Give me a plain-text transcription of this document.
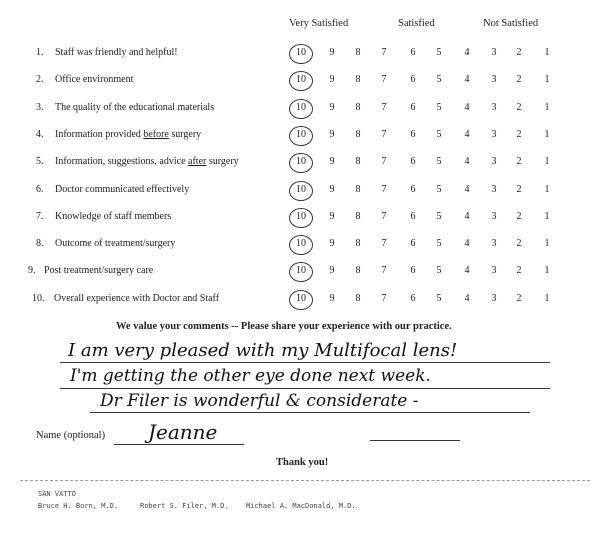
Very Satisfied	Satisfied	Not Satisfied
1. Staff was friendly and helpful!	10	9	8	7	6	5	4	3	2	1
2. Office environment	10	9	8	7	6	5	4	3	2	1
3. The quality of the educational materials	10	9	8	7	6	5	4	3	2	1
4. Information provided before surgery	10	9	8	7	6	5	4	3	2	1
5. Information, suggestions, advice after surgery	10	9	8	7	6	5	4	3	2	1
6. Doctor communicated effectively	10	9	8	7	6	5	4	3	2	1
7. Knowledge of staff members	10	9	8	7	6	5	4	3	2	1
8. Outcome of treatment/surgery	10	9	8	7	6	5	4	3	2	1
9. Post treatment/surgery care	10	9	8	7	6	5	4	3	2	1
10. Overall experience with Doctor and Staff	10	9	8	7	6	5	4	3	2	1
We value your comments -- Please share your experience with our practice.
I am very pleased with my Multifocal lens!
I'm getting the other eye done next week.
Dr Filer is wonderful & considerate -
Name (optional) Jeanne
Thank you!
SAN VATTO
Bruce H. Born, M.D.	Robert S. Filer, M.D. Michael A. MacDonald, M.D.
